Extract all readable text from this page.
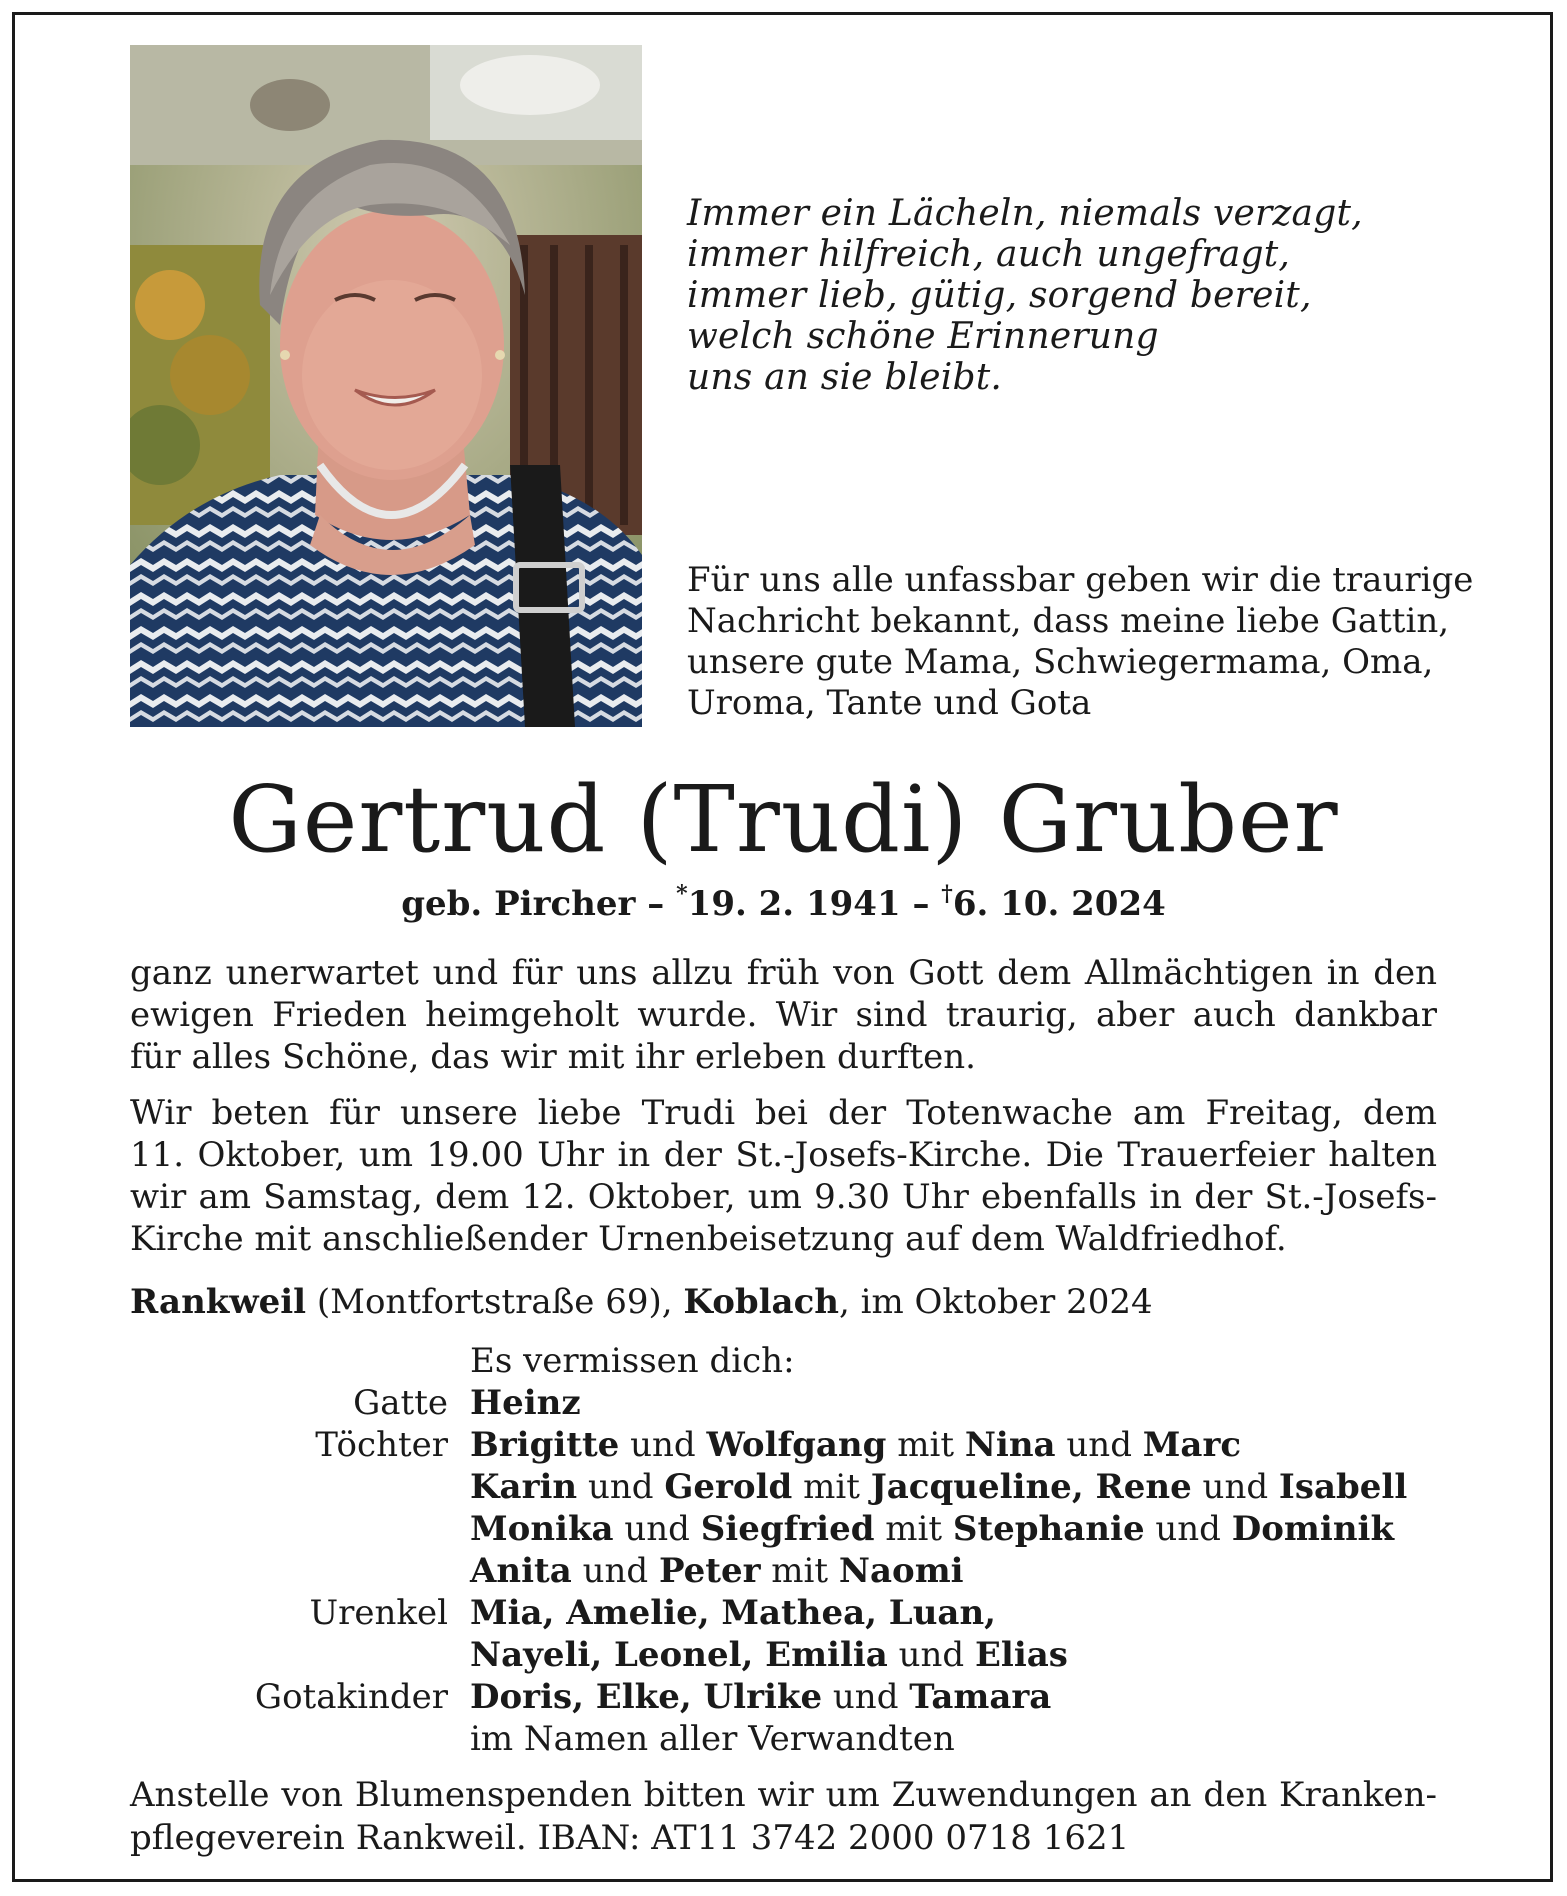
Immer ein Lächeln, niemals verzagt,
immer hilfreich, auch ungefragt,
immer lieb, gütig, sorgend bereit,
welch schöne Erinnerung
uns an sie bleibt.
Für uns alle unfassbar geben wir die traurige
Nachricht bekannt, dass meine liebe Gattin,
unsere gute Mama, Schwiegermama, Oma,
Uroma, Tante und Gota
Gertrud (Trudi) Gruber
geb. Pircher – *19. 2. 1941 – †6. 10. 2024
ganz unerwartet und für uns allzu früh von Gott dem Allmächtigen in den
ewigen Frieden heimgeholt wurde. Wir sind traurig, aber auch dankbar
für alles Schöne, das wir mit ihr erleben durften.
Wir beten für unsere liebe Trudi bei der Totenwache am Freitag, dem
11. Oktober, um 19.00 Uhr in der St.-Josefs-Kirche. Die Trauerfeier halten
wir am Samstag, dem 12. Oktober, um 9.30 Uhr ebenfalls in der St.-Josefs-
Kirche mit anschließender Urnenbeisetzung auf dem Waldfriedhof.
Rankweil (Montfortstraße 69), Koblach, im Oktober 2024
Es vermissen dich:
Gatte Heinz
Töchter Brigitte und Wolfgang mit Nina und Marc
Karin und Gerold mit Jacqueline, Rene und Isabell
Monika und Siegfried mit Stephanie und Dominik
Anita und Peter mit Naomi
Urenkel Mia, Amelie, Mathea, Luan,
Nayeli, Leonel, Emilia und Elias
Gotakinder Doris, Elke, Ulrike und Tamara
im Namen aller Verwandten
Anstelle von Blumenspenden bitten wir um Zuwendungen an den Kranken-
pflegeverein Rankweil. IBAN: AT11 3742 2000 0718 1621
